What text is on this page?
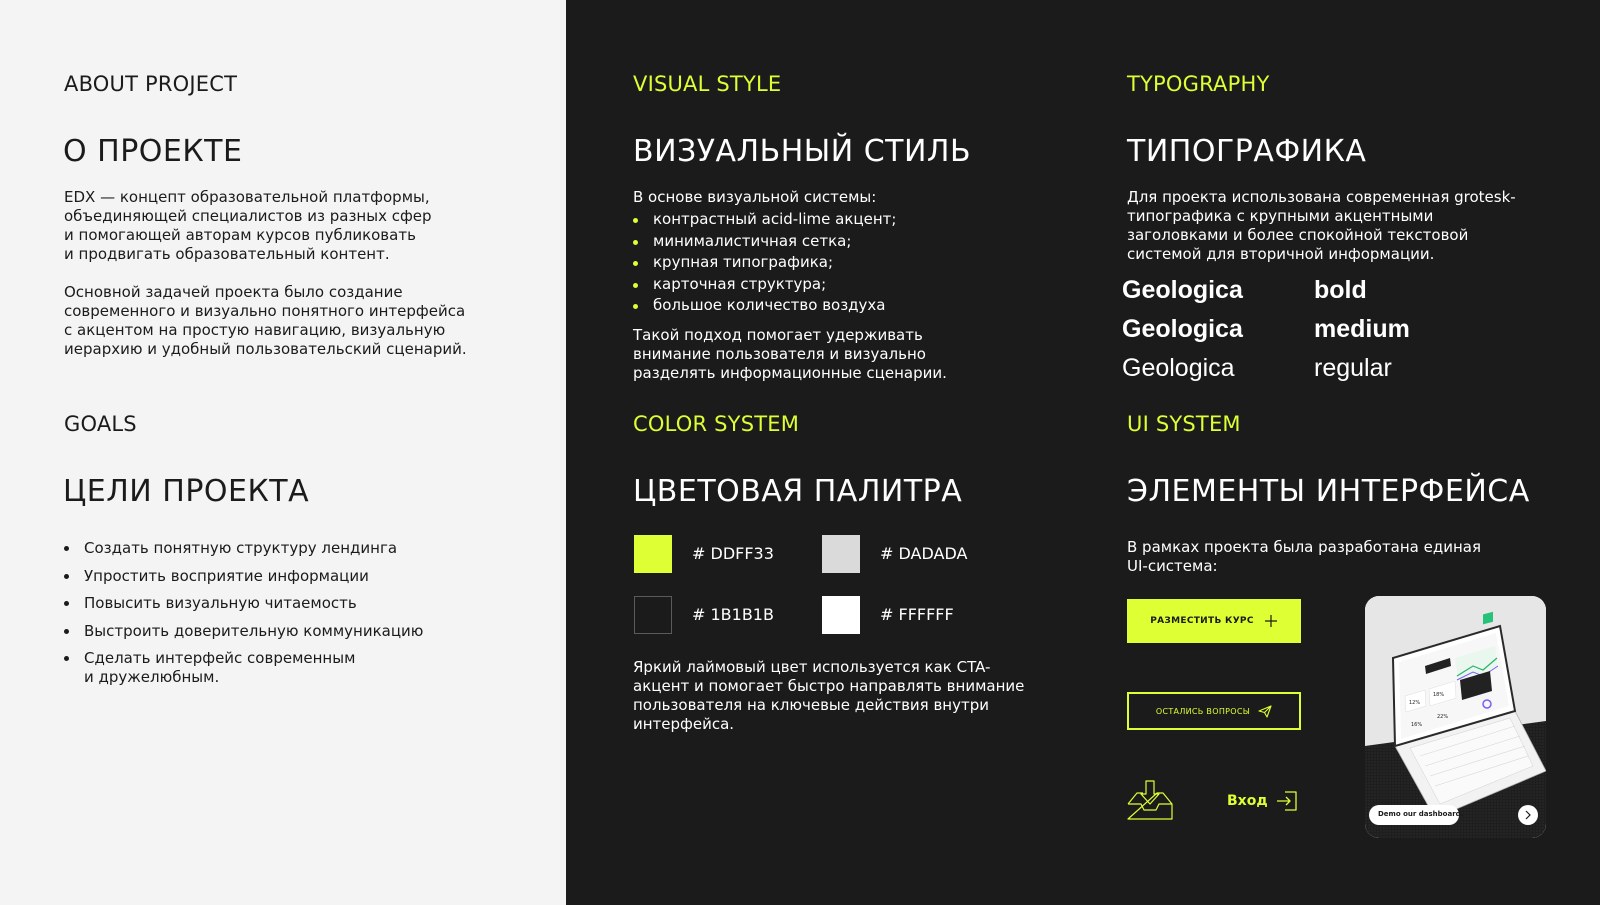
ABOUT PROJECT
О ПРОЕКТЕ
EDX — концепт образовательной платформы,
объединяющей специалистов из разных сфер
и помогающей авторам курсов публиковать
и продвигать образовательный контент.
Основной задачей проекта было создание
современного и визуально понятного интерфейса
с акцентом на простую навигацию, визуальную
иерархию и удобный пользовательский сценарий.
GOALS
ЦЕЛИ ПРОЕКТА
Создать понятную структуру лендинга
Упростить восприятие информации
Повысить визуальную читаемость
Выстроить доверительную коммуникацию
Сделать интерфейс современным
и дружелюбным.
VISUAL STYLE
ВИЗУАЛЬНЫЙ СТИЛЬ
В основе визуальной системы:
контрастный acid-lime акцент;
минималистичная сетка;
крупная типографика;
карточная структура;
большое количество воздуха
Такой подход помогает удерживать
внимание пользователя и визуально
разделять информационные сценарии.
TYPOGRAPHY
ТИПОГРАФИКА
Для проекта использована современная grotesk-
типографика с крупными акцентными
заголовками и более спокойной текстовой
системой для вторичной информации.
Geologica	bold
Geologica	medium
Geologica	regular
COLOR SYSTEM
ЦВЕТОВАЯ ПАЛИТРА
# DDFF33	# DADADA
# 1B1B1B	# FFFFFF
Яркий лаймовый цвет используется как CTA-
акцент и помогает быстро направлять внимание
пользователя на ключевые действия внутри
интерфейса.
UI SYSTEM
ЭЛЕМЕНТЫ ИНТЕРФЕЙСА
В рамках проекта была разработана единая
UI-система:
РАЗМЕСТИТЬ КУРС
ОСТАЛИСЬ ВОПРОСЫ
Вход
12%
18%
16%
22%
Demo our dashboard.
